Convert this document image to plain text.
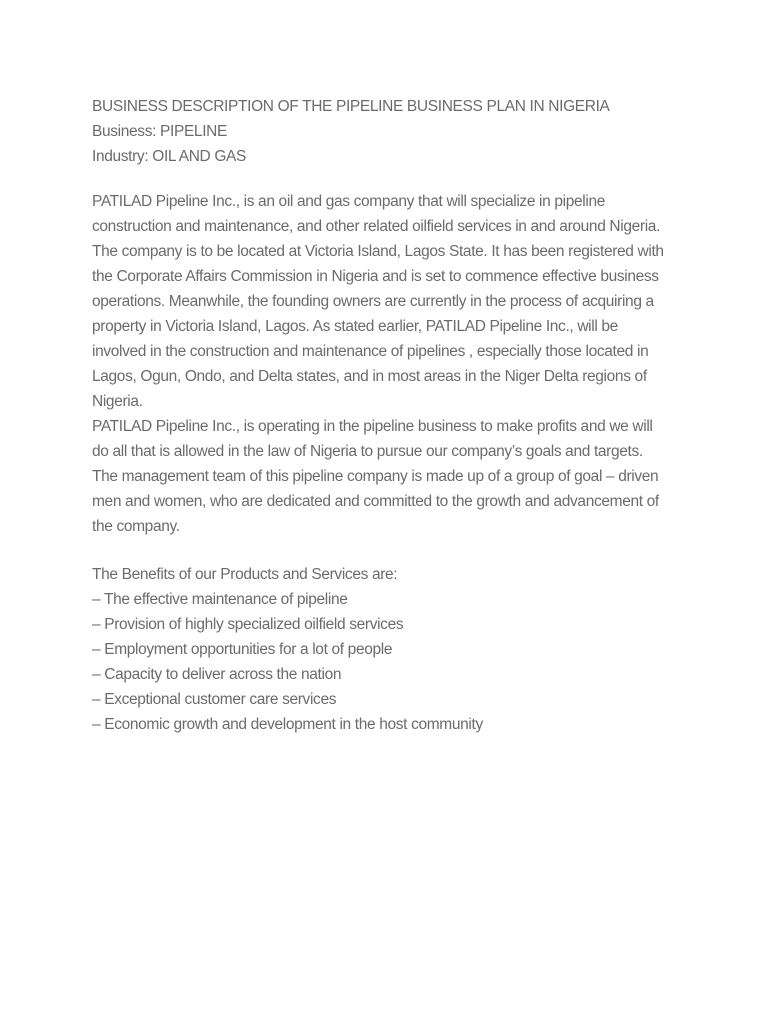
BUSINESS DESCRIPTION OF THE PIPELINE BUSINESS PLAN IN NIGERIA
Business: PIPELINE
Industry: OIL AND GAS
PATILAD Pipeline Inc., is an oil and gas company that will specialize in pipeline
construction and maintenance, and other related oilfield services in and around Nigeria.
The company is to be located at Victoria Island, Lagos State. It has been registered with
the Corporate Affairs Commission in Nigeria and is set to commence effective business
operations. Meanwhile, the founding owners are currently in the process of acquiring a
property in Victoria Island, Lagos. As stated earlier, PATILAD Pipeline Inc., will be
involved in the construction and maintenance of pipelines , especially those located in
Lagos, Ogun, Ondo, and Delta states, and in most areas in the Niger Delta regions of
Nigeria.
PATILAD Pipeline Inc., is operating in the pipeline business to make profits and we will
do all that is allowed in the law of Nigeria to pursue our company’s goals and targets.
The management team of this pipeline company is made up of a group of goal – driven
men and women, who are dedicated and committed to the growth and advancement of
the company.
The Benefits of our Products and Services are:
– The effective maintenance of pipeline
– Provision of highly specialized oilfield services
– Employment opportunities for a lot of people
– Capacity to deliver across the nation
– Exceptional customer care services
– Economic growth and development in the host community
